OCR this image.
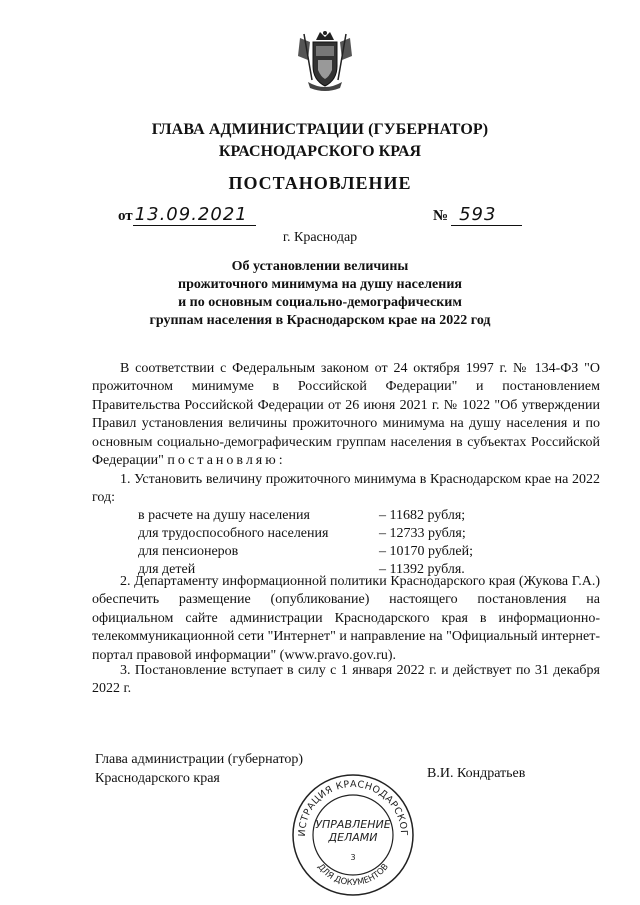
ГЛАВА АДМИНИСТРАЦИИ (ГУБЕРНАТОР)
КРАСНОДАРСКОГО КРАЯ
ПОСТАНОВЛЕНИЕ
от 13.09.2021	№ 593
г. Краснодар
Об установлении величины
прожиточного минимума на душу населения
и по основным социально-демографическим
группам населения в Краснодарском крае на 2022 год
В соответствии с Федеральным законом от 24 октября 1997 г. № 134-ФЗ "О прожиточном минимуме в Российской Федерации" и постановлением Правительства Российской Федерации от 26 июня 2021 г. № 1022 "Об утверждении Правил установления величины прожиточного минимума на душу населения и по основным социально-демографическим группам населения в субъектах Российской Федерации" постановляю:
1. Установить величину прожиточного минимума в Краснодарском крае на 2022 год:
в расчете на душу населения	– 11682 рубля;
для трудоспособного населения	– 12733 рубля;
для пенсионеров	– 10170 рублей;
для детей	– 11392 рубля.
2. Департаменту информационной политики Краснодарского края (Жукова Г.А.) обеспечить размещение (опубликование) настоящего постановления на официальном сайте администрации Краснодарского края в информационно-телекоммуникационной сети "Интернет" и направление на "Официальный интернет-портал правовой информации" (www.pravo.gov.ru).
3. Постановление вступает в силу с 1 января 2022 г. и действует по 31 декабря 2022 г.
Глава администрации (губернатор)
Краснодарского края	В.И. Кондратьев
ИСТРАЦИЯ КРАСНОДАРСКОГ
ДЛЯ ДОКУМЕНТОВ
УПРАВЛЕНИЕ
ДЕЛАМИ
3
